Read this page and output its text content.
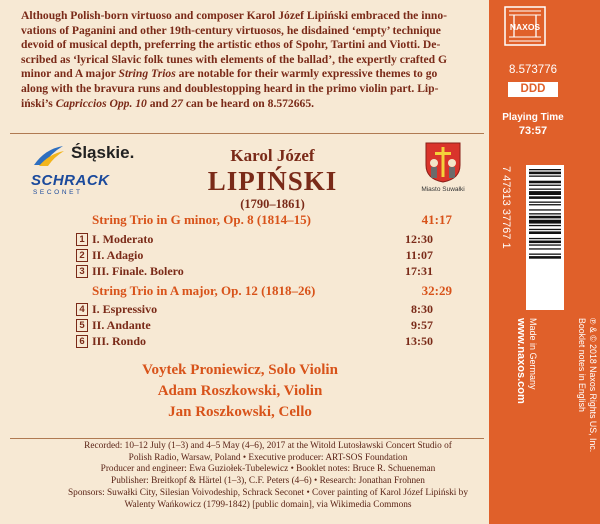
Although Polish-born virtuoso and composer Karol Józef Lipiński embraced the inno-
vations of Paganini and other 19th-century virtuosos, he disdained ‘empty’ technique
devoid of musical depth, preferring the artistic ethos of Spohr, Tartini and Viotti. De-
scribed as ‘lyrical Slavic folk tunes with elements of the ballad’, the expertly crafted G
minor and A major String Trios are notable for their warmly expressive themes to go
along with the bravura runs and doublestopping heard in the primo violin part. Lip-
iński’s Capriccios Opp. 10 and 27 can be heard on 8.572665.
Śląskie.
SCHRACK
SECONET
Karol Józef
LIPIŃSKI
(1790–1861)
Miasto Suwałki
String Trio in G minor, Op. 8 (1814–15)	41:17
1 I. Moderato	12:30
2 II. Adagio	11:07
3 III. Finale. Bolero	17:31
String Trio in A major, Op. 12 (1818–26)	32:29
4 I. Espressivo	8:30
5 II. Andante	9:57
6 III. Rondo	13:50
Voytek Proniewicz, Solo Violin
Adam Roszkowski, Violin
Jan Roszkowski, Cello
Recorded: 10–12 July (1–3) and 4–5 May (4–6), 2017 at the Witold Lutosławski Concert Studio of
Polish Radio, Warsaw, Poland • Executive producer: ART-SOS Foundation
Producer and engineer: Ewa Guziołek-Tubelewicz • Booklet notes: Bruce R. Schueneman
Publisher: Breitkopf & Härtel (1–3), C.F. Peters (4–6) • Research: Jonathan Frohnen
Sponsors: Suwałki City, Silesian Voivodeship, Schrack Seconet • Cover painting of Karol Józef Lipiński by
Walenty Wańkowicz (1799-1842) [public domain], via Wikimedia Commons
NAXOS
8.573776
DDD
Playing Time
73:57
7 47313 37767 1
℗ & © 2018 Naxos Rights US, Inc.
Booklet notes in English
Made in Germany
www.naxos.com
